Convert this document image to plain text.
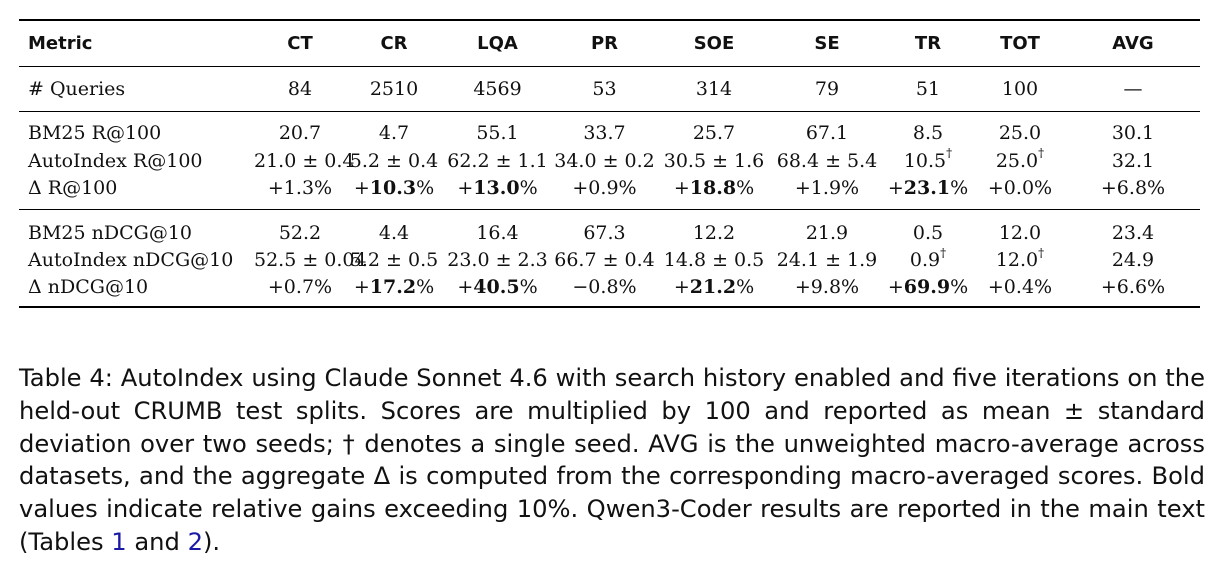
Metric	CT	CR	LQA	PR	SOE	SE	TR	TOT	AVG
# Queries	84	2510	4569	53	314	79	51	100	—
BM25 R@100	20.7	4.7	55.1	33.7	25.7	67.1	8.5	25.0	30.1
AutoIndex R@100	21.0 ± 0.4	5.2 ± 0.4	62.2 ± 1.1	34.0 ± 0.2	30.5 ± 1.6	68.4 ± 5.4	10.5†	25.0†	32.1
Δ R@100	+1.3%	+10.3%	+13.0%	+0.9%	+18.8%	+1.9%	+23.1%	+0.0%	+6.8%
BM25 nDCG@10	52.2	4.4	16.4	67.3	12.2	21.9	0.5	12.0	23.4
AutoIndex nDCG@10	52.5 ± 0.04	5.2 ± 0.5	23.0 ± 2.3	66.7 ± 0.4	14.8 ± 0.5	24.1 ± 1.9	0.9†	12.0†	24.9
Δ nDCG@10	+0.7%	+17.2%	+40.5%	−0.8%	+21.2%	+9.8%	+69.9%	+0.4%	+6.6%
Table 4: AutoIndex using Claude Sonnet 4.6 with search history enabled and five iterations on the held-out CRUMB test splits. Scores are multiplied by 100 and reported as mean ± standard deviation over two seeds; † denotes a single seed. AVG is the unweighted macro-average across datasets, and the aggregate Δ is computed from the corresponding macro-averaged scores. Bold values indicate relative gains exceeding 10%. Qwen3-Coder results are reported in the main text (Tables 1 and 2).
